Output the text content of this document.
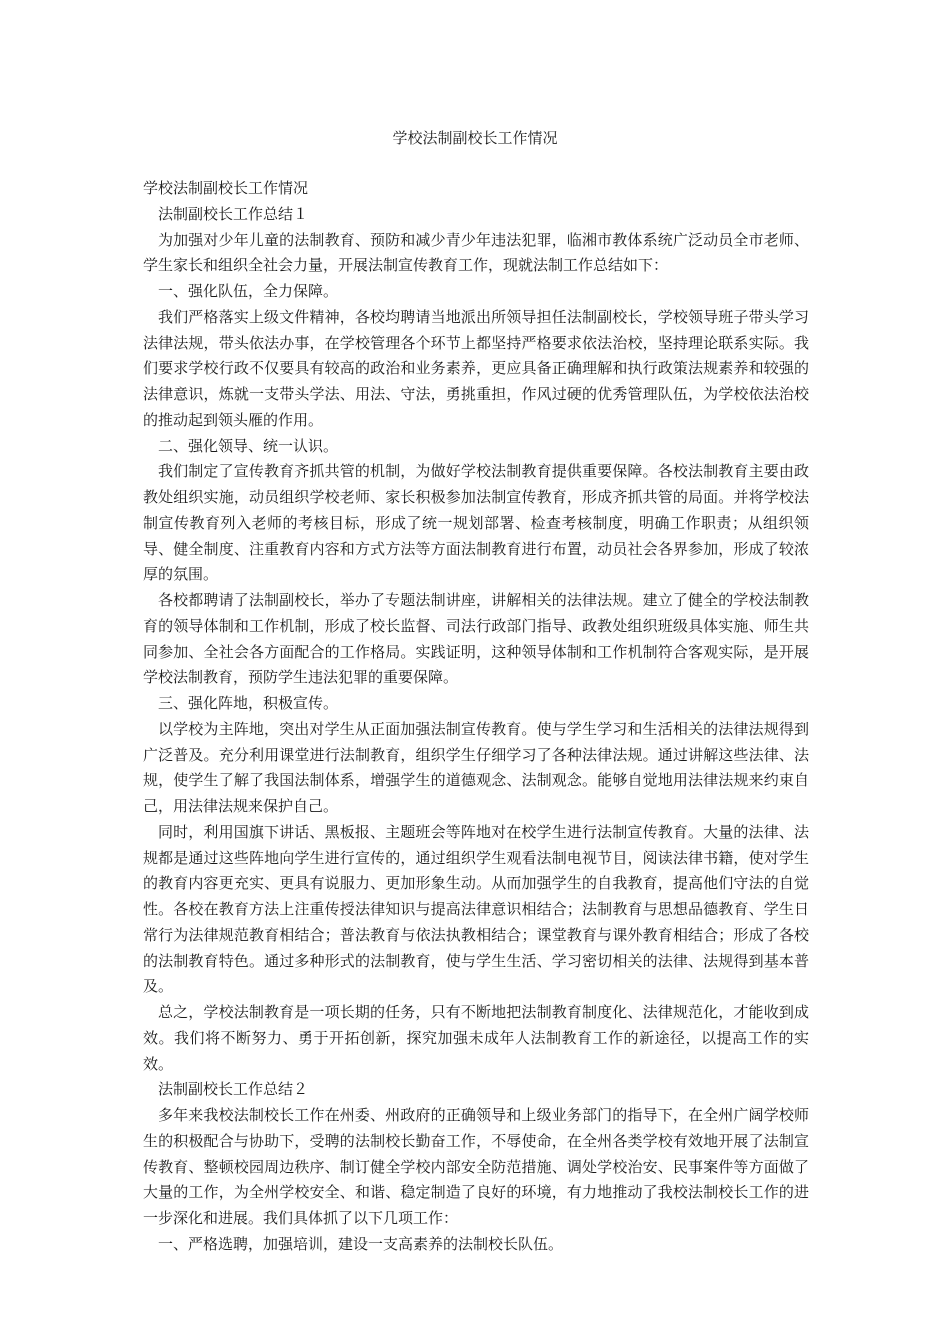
学校法制副校长工作情况

学校法制副校长工作情况

法制副校长工作总结１

为加强对少年儿童的法制教育、预防和减少青少年违法犯罪，临湘市教体系统广泛动员全市老师、学生家长和组织全社会力量，开展法制宣传教育工作，现就法制工作总结如下：

一、强化队伍，全力保障。

我们严格落实上级文件精神，各校均聘请当地派出所领导担任法制副校长，学校领导班子带头学习法律法规，带头依法办事，在学校管理各个环节上都坚持严格要求依法治校，坚持理论联系实际。我们要求学校行政不仅要具有较高的政治和业务素养，更应具备正确理解和执行政策法规素养和较强的法律意识，炼就一支带头学法、用法、守法，勇挑重担，作风过硬的优秀管理队伍，为学校依法治校的推动起到领头雁的作用。

二、强化领导、统一认识。

我们制定了宣传教育齐抓共管的机制，为做好学校法制教育提供重要保障。各校法制教育主要由政教处组织实施，动员组织学校老师、家长积极参加法制宣传教育，形成齐抓共管的局面。并将学校法制宣传教育列入老师的考核目标，形成了统一规划部署、检查考核制度，明确工作职责；从组织领导、健全制度、注重教育内容和方式方法等方面法制教育进行布置，动员社会各界参加，形成了较浓厚的氛围。

各校都聘请了法制副校长，举办了专题法制讲座，讲解相关的法律法规。建立了健全的学校法制教育的领导体制和工作机制，形成了校长监督、司法行政部门指导、政教处组织班级具体实施、师生共同参加、全社会各方面配合的工作格局。实践证明，这种领导体制和工作机制符合客观实际，是开展学校法制教育，预防学生违法犯罪的重要保障。

三、强化阵地，积极宣传。

以学校为主阵地，突出对学生从正面加强法制宣传教育。使与学生学习和生活相关的法律法规得到广泛普及。充分利用课堂进行法制教育，组织学生仔细学习了各种法律法规。通过讲解这些法律、法规，使学生了解了我国法制体系，增强学生的道德观念、法制观念。能够自觉地用法律法规来约束自己，用法律法规来保护自己。

同时，利用国旗下讲话、黑板报、主题班会等阵地对在校学生进行法制宣传教育。大量的法律、法规都是通过这些阵地向学生进行宣传的，通过组织学生观看法制电视节目，阅读法律书籍，使对学生的教育内容更充实、更具有说服力、更加形象生动。从而加强学生的自我教育，提高他们守法的自觉性。各校在教育方法上注重传授法律知识与提高法律意识相结合；法制教育与思想品德教育、学生日常行为法律规范教育相结合；普法教育与依法执教相结合；课堂教育与课外教育相结合；形成了各校的法制教育特色。通过多种形式的法制教育，使与学生生活、学习密切相关的法律、法规得到基本普及。

总之，学校法制教育是一项长期的任务，只有不断地把法制教育制度化、法律规范化，才能收到成效。我们将不断努力、勇于开拓创新，探究加强未成年人法制教育工作的新途径，以提高工作的实效。

法制副校长工作总结２

多年来我校法制校长工作在州委、州政府的正确领导和上级业务部门的指导下，在全州广阔学校师生的积极配合与协助下，受聘的法制校长勤奋工作，不辱使命，在全州各类学校有效地开展了法制宣传教育、整顿校园周边秩序、制订健全学校内部安全防范措施、调处学校治安、民事案件等方面做了大量的工作，为全州学校安全、和谐、稳定制造了良好的环境，有力地推动了我校法制校长工作的进一步深化和进展。我们具体抓了以下几项工作：

一、严格选聘，加强培训，建设一支高素养的法制校长队伍。
